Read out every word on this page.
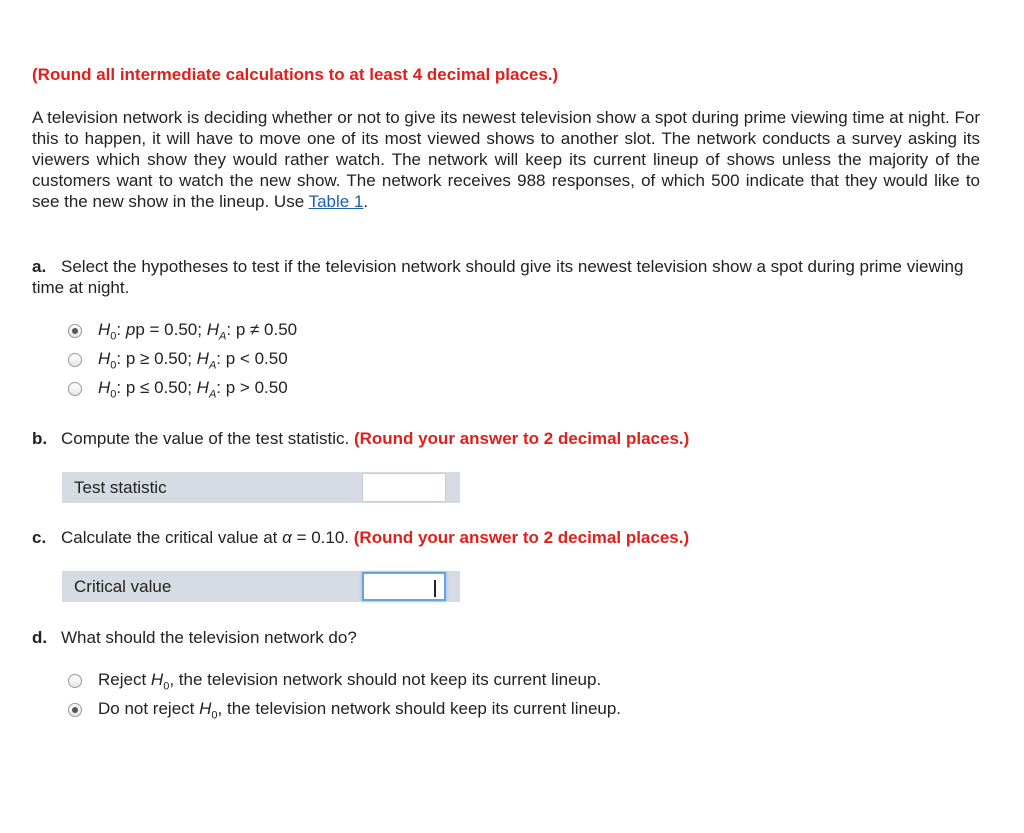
(Round all intermediate calculations to at least 4 decimal places.)
A television network is deciding whether or not to give its newest television show a spot during prime viewing time at night. For this to happen, it will have to move one of its most viewed shows to another slot. The network conducts a survey asking its viewers which show they would rather watch. The network will keep its current lineup of shows unless the majority of the customers want to watch the new show. The network receives 988 responses, of which 500 indicate that they would like to see the new show in the lineup. Use Table 1.
a. Select the hypotheses to test if the television network should give its newest television show a spot during prime viewing time at night.
$H_0$: pp = 0.50; $H_A$: p ≠ 0.50
$H_0$: p ≥ 0.50; $H_A$: p < 0.50
$H_0$: p ≤ 0.50; $H_A$: p > 0.50
b. Compute the value of the test statistic. (Round your answer to 2 decimal places.)
Test statistic
c. Calculate the critical value at α = 0.10. (Round your answer to 2 decimal places.)
Critical value
d. What should the television network do?
Reject $H_0$, the television network should not keep its current lineup.
Do not reject $H_0$, the television network should keep its current lineup.
